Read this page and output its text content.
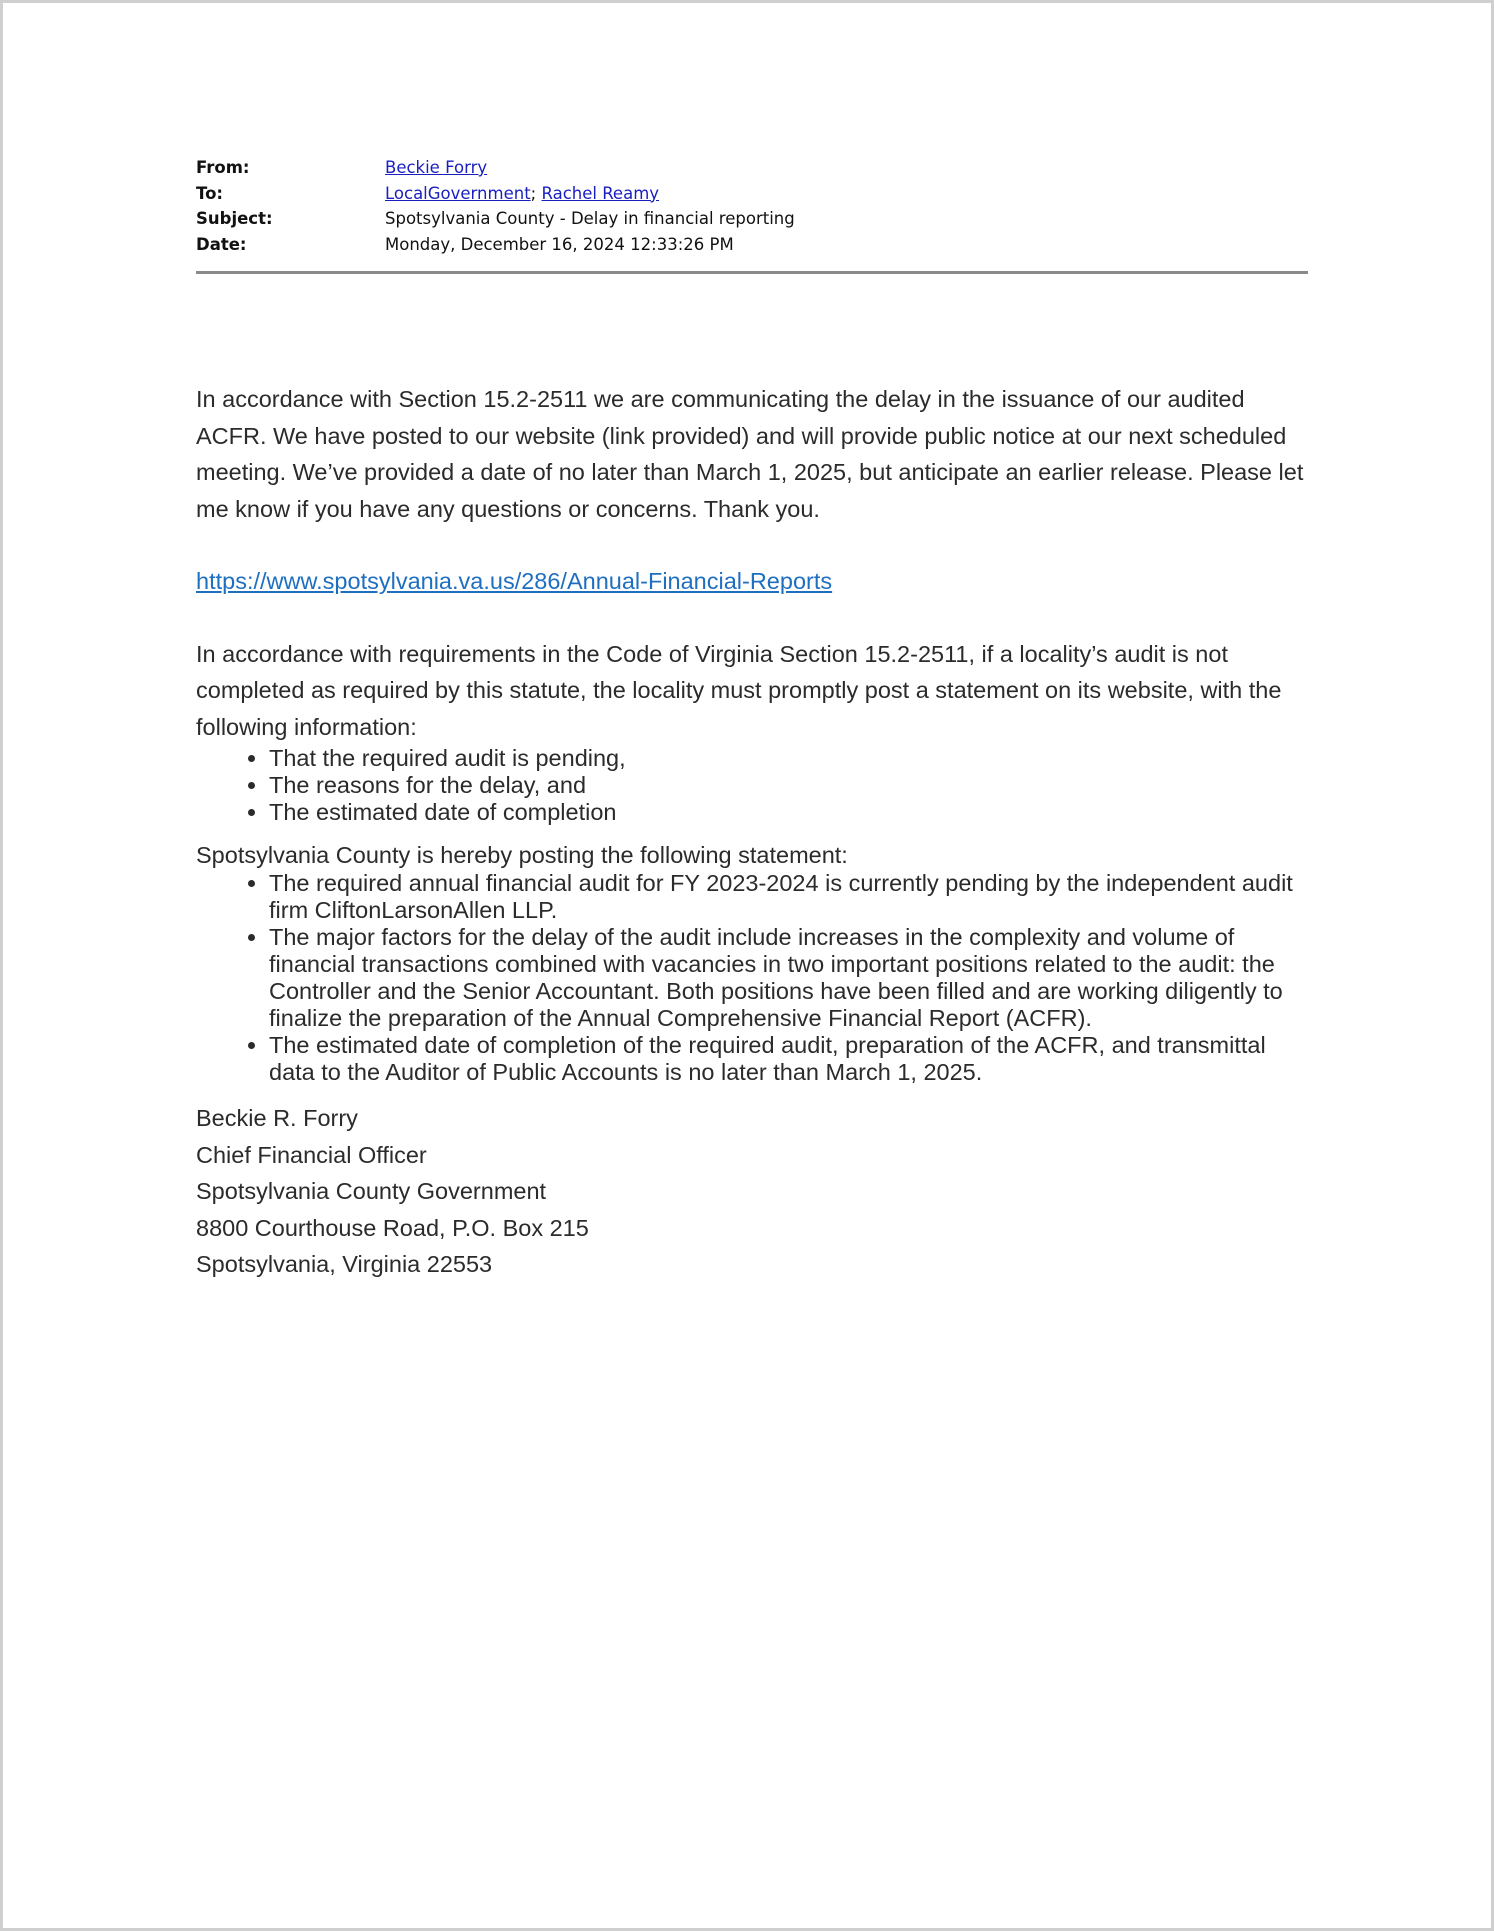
From:	Beckie Forry
To:	LocalGovernment; Rachel Reamy
Subject:	Spotsylvania County - Delay in financial reporting
Date:	Monday, December 16, 2024 12:33:26 PM

In accordance with Section 15.2-2511 we are communicating the delay in the issuance of our audited ACFR. We have posted to our website (link provided) and will provide public notice at our next scheduled meeting. We’ve provided a date of no later than March 1, 2025, but anticipate an earlier release. Please let me know if you have any questions or concerns. Thank you.

https://www.spotsylvania.va.us/286/Annual-Financial-Reports

In accordance with requirements in the Code of Virginia Section 15.2-2511, if a locality’s audit is not completed as required by this statute, the locality must promptly post a statement on its website, with the following information:

• That the required audit is pending,
• The reasons for the delay, and
• The estimated date of completion

Spotsylvania County is hereby posting the following statement:

• The required annual financial audit for FY 2023-2024 is currently pending by the independent audit firm CliftonLarsonAllen LLP.
• The major factors for the delay of the audit include increases in the complexity and volume of financial transactions combined with vacancies in two important positions related to the audit: the Controller and the Senior Accountant. Both positions have been filled and are working diligently to finalize the preparation of the Annual Comprehensive Financial Report (ACFR).
• The estimated date of completion of the required audit, preparation of the ACFR, and transmittal data to the Auditor of Public Accounts is no later than March 1, 2025.
Beckie R. Forry
Chief Financial Officer
Spotsylvania County Government
8800 Courthouse Road, P.O. Box 215
Spotsylvania, Virginia 22553
